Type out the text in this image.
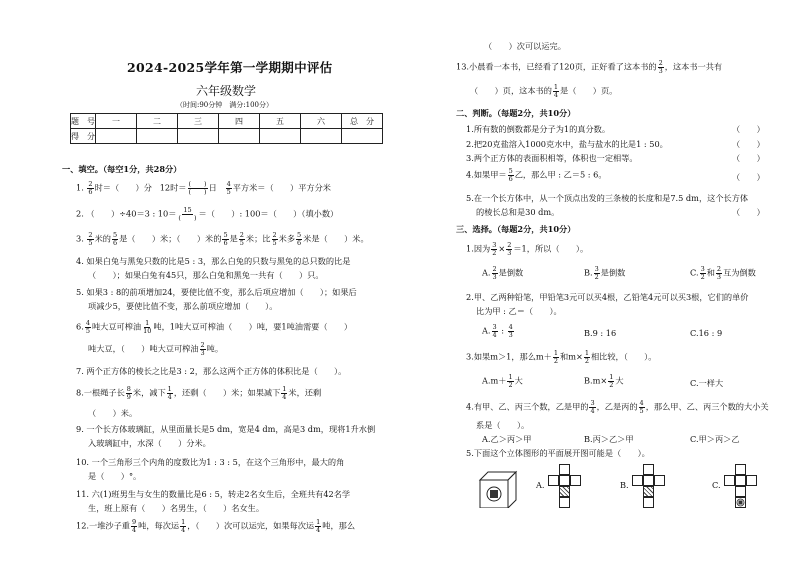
2024-2025学年第一学期期中评估
六年级数学
（时间:90分钟　满分:100分）
题　号	一	二	三	四	五	六	总　分
得　分							
一、填空。（每空1分，共28分）
1. $\frac{2}{6}$ 时＝（　　）分 12时＝ $\frac{( )}{( )}$ 日 $\frac{4}{5}$ 平方米＝（　　）平方分米
2. （　　）÷40＝3 : $10= \frac{15}{( )}$ ＝（　　）: 100＝（　　）（填小数）
3. $\frac{2}{5}$ 米的 $\frac{5}{6}$ 是（　　）米；（　　）米的 $\frac{5}{6}$ 是 $\frac{2}{5}$ 米；比 $\frac{2}{5}$ 米多 $\frac{5}{6}$ 米是（　　）米。
4. 如果白兔与黑兔只数的比是5 : 3，那么白兔的只数与黑兔的总只数的比是
（　　）；如果白兔有45只，那么白兔和黑兔一共有（　　）只。
5. 如果3 : 8的前项增加24，要使比值不变，那么后项应增加（　　）；如果后
项减少5，要使比值不变，那么前项应增加（　　）。
6. $\frac{4}{5}$ 吨大豆可榨油 $\frac{1}{10}$ 吨，1吨大豆可榨油（　　）吨，要1吨油需要（　　）
吨大豆，（　　）吨大豆可榨油 $\frac{2}{3}$ 吨。
7. 两个正方体的棱长之比是3 : 2，那么这两个正方体的体积比是（　　）。
8.一根绳子长 $\frac{8}{9}$ 米，减下 $\frac{1}{4}$ ，还剩（　　）米；如果减下 $\frac{1}{4}$ 米，还剩
（　　）米。
9. 一个长方体玻璃缸，从里面量长是5 dm，宽是4 dm，高是3 dm，现将1升水倒
入玻璃缸中，水深（　　）分米。
10. 一个三角形三个内角的度数比为1 : 3 : 5，在这个三角形中，最大的角
是（　　）°。
11. 六(1)班男生与女生的数量比是6 : 5，转走2名女生后，全班共有42名学
生，班上原有（　　）名男生，（　　）名女生。
12.一堆沙子重 $\frac{9}{4}$ 吨，每次运 $\frac{1}{4}$ ，（　　）次可以运完，如果每次运 $\frac{1}{4}$ 吨，那么
（　　）次可以运完。
13.小晨看一本书，已经看了120页，正好看了这本书的 $\frac{2}{3}$ ，这本书一共有
（　　）页，这本书的 $\frac{1}{4}$ 是（　　）页。
二、判断。（每题2分，共10分）
1.所有数的倒数都是分子为1的真分数。	（　　）
2.把20克盐溶入1000克水中，盐与盐水的比是1 : 50。	（　　）
3.两个正方体的表面积相等，体积也一定相等。	（　　）
4.如果甲＝ $\frac{5}{6}$ 乙，那么甲 : 乙＝5 : 6。	（　　）
5.在一个长方体中，从一个顶点出发的三条棱的长度和是7.5 dm，这个长方体
的棱长总和是30 dm。	（　　）
三、选择。（每题2分，共10分）
1.因为 $\frac{3}{2} \times \frac{2}{3} =1$，所以（　　）。
A. $\frac{2}{3}$ 是倒数	B. $\frac{3}{2}$ 是倒数	C. $\frac{3}{2}$ 和 $\frac{2}{3}$ 互为倒数
2.甲、乙两种铅笔，甲铅笔3元可以买4根，乙铅笔4元可以买3根，它们的单价
比为甲 : 乙＝（　　）。
A. $\frac{3}{4}$ : $\frac{4}{3}$	B.9 : 16	C.16 : 9
3.如果m＞1，那么$m+ \frac{1}{2}$ 和$m\times \frac{1}{2}$ 相比较，（　　）。
$A.m+ \frac{1}{2}$ 大	$B.m\times \frac{1}{2}$ 大	C.一样大
4.有甲、乙、丙三个数，乙是甲的 $\frac{3}{4}$ ，乙是丙的 $\frac{4}{5}$ ，那么甲、乙、丙三个数的大小关
系是（　　）。
A.乙＞丙＞甲	B.丙＞乙＞甲	C.甲＞丙＞乙
5.下面这个立体图形的平面展开图可能是（　　）。
A.	B.	C.
